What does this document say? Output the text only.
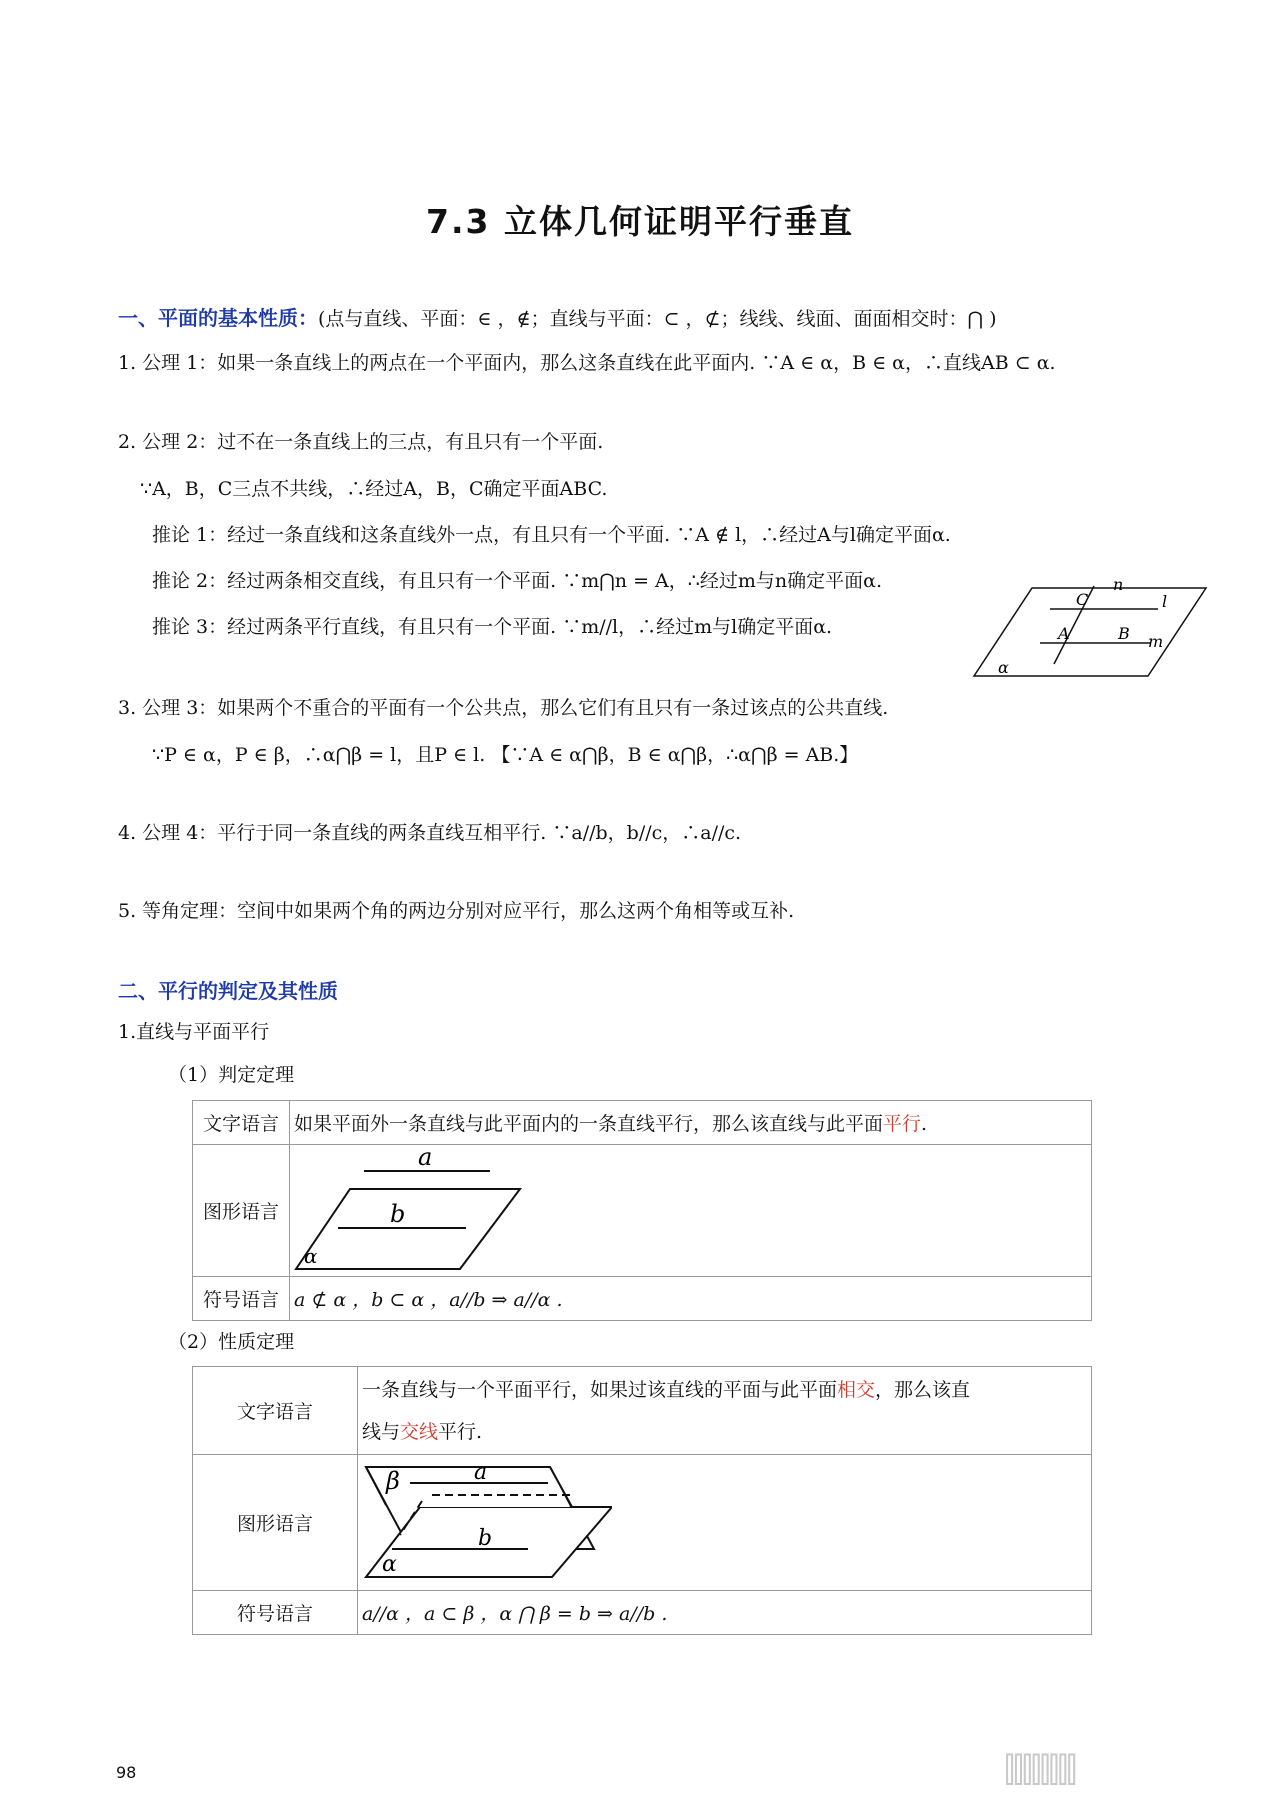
7.3 立体几何证明平行垂直
一、平面的基本性质：(点与直线、平面：∈ ，∉；直线与平面：⊂ ，⊄；线线、线面、面面相交时：⋂ )
1. 公理 1：如果一条直线上的两点在一个平面内，那么这条直线在此平面内. ∵A ∈ α，B ∈ α，∴直线AB ⊂ α.
2. 公理 2：过不在一条直线上的三点，有且只有一个平面.
∵A，B，C三点不共线，∴经过A，B，C确定平面ABC.
推论 1：经过一条直线和这条直线外一点，有且只有一个平面. ∵A ∉ l，∴经过A与l确定平面α.
推论 2：经过两条相交直线，有且只有一个平面. ∵m⋂n = A，∴经过m与n确定平面α.
推论 3：经过两条平行直线，有且只有一个平面. ∵m//l，∴经过m与l确定平面α.
C
n
l
A	B m
α
3. 公理 3：如果两个不重合的平面有一个公共点，那么它们有且只有一条过该点的公共直线.
∵P ∈ α，P ∈ β，∴α⋂β = l，且P ∈ l. 【∵A ∈ α⋂β，B ∈ α⋂β，∴α⋂β = AB.】
4. 公理 4：平行于同一条直线的两条直线互相平行. ∵a//b，b//c，∴a//c.
5. 等角定理：空间中如果两个角的两边分别对应平行，那么这两个角相等或互补.
二、平行的判定及其性质
1.直线与平面平行
（1）判定定理
文字语言	如果平面外一条直线与此平面内的一条直线平行，那么该直线与此平面平行.
图形语言	a
b
α

符号语言	a ⊄ α ，b ⊂ α ，a//b ⇒ a//α .
（2）性质定理
文字语言	一条直线与一个平面平行，如果过该直线的平面与此平面相交，那么该直
线与交线平行.
图形语言	β a
b
α

符号语言	a//α ，a ⊂ β ，α ⋂ β = b ⇒ a//b .
98	⫿⫿⫿⫿⫿⫿⫿⫿
